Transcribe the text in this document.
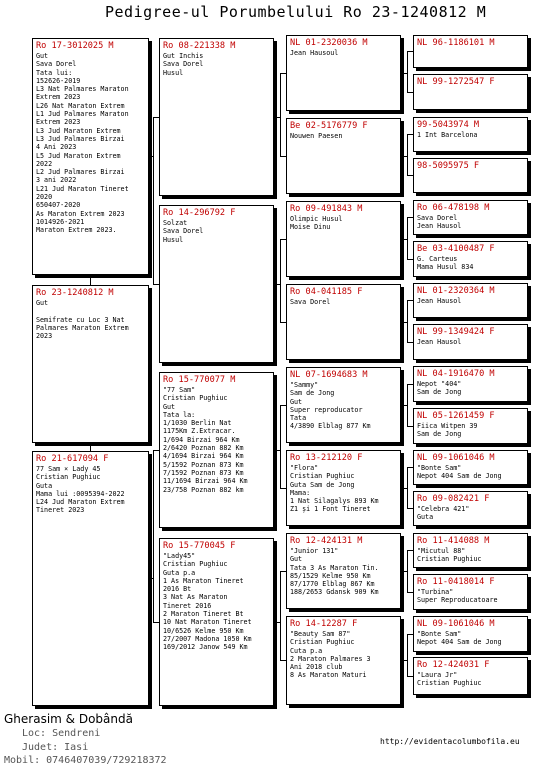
Pedigree-ul Porumbelului Ro 23-1240812 M
Ro 17-3012025 M
Gut
Sava Dorel
Tata lui:
152626-2019
L3 Nat Palmares Maraton
Extrem 2023
L26 Nat Maraton Extrem
L1 Jud Palmares Maraton
Extrem 2023
L3 Jud Maraton Extrem
L3 Jud Palmares Birzai
4 Ani 2023
L5 Jud Maraton Extrem
2022
L2 Jud Palmares Birzai
3 ani 2022
L21 Jud Maraton Tineret
2020
650407-2020
As Maraton Extrem 2023
1014926-2021
Maraton Extrem 2023.
Ro 23-1240812 M
Gut

Semifrate cu Loc 3 Nat
Palmares Maraton Extrem
2023
Ro 21-617094 F
77 Sam × Lady 45
Cristian Pughiuc
Guta
Mama lui :0095394-2022
L24 Jud Maraton Extrem
Tineret 2023
Ro 08-221338 M
Gut Inchis
Sava Dorel
Husul
Ro 14-296792 F
Solzat
Sava Dorel
Husul
Ro 15-770077 M
"77 Sam"
Cristian Pughiuc
Gut
Tata la:
1/1030 Berlin Nat
1175Km Z.Extracar.
1/694 Birzai 964 Km
2/6420 Poznan 882 Km
4/1694 Birzai 964 Km
5/1592 Poznan 873 Km
7/1592 Poznan 873 Km
11/1694 Birzai 964 Km
23/758 Poznan 882 km
Ro 15-770045 F
"Lady45"
Cristian Pughiuc
Guta p.a
1 As Maraton Tineret
2016 Bt
3 Nat As Maraton
Tineret 2016
2 Maraton Tineret Bt
10 Nat Maraton Tineret
10/6526 Kelme 950 Km
27/2007 Madona 1050 Km
169/2012 Janow 549 Km
NL 01-2320036 M
Jean Hausoul
Be 02-5176779 F
Nouwen Paesen
Ro 09-491843 M
Olimpic Husul
Moise Dinu
Ro 04-041185 F
Sava Dorel
NL 07-1694683 M
"Sammy"
Sam de Jong
Gut
Super reproducator
Tata
4/3890 Elblag 877 Km
Ro 13-212120 F
"Flora"
Cristian Pughiuc
Guta Sam de Jong
Mama:
1 Nat Silagalys 893 Km
Z1 și 1 Font Tineret
Ro 12-424131 M
"Junior 131"
Gut
Tata 3 As Maraton Tin.
85/1529 Kelme 950 Km
87/1770 Elblag 867 Km
188/2653 Gdansk 909 Km
Ro 14-12287 F
"Beauty Sam 87"
Cristian Pughiuc
Cuta p.a
2 Maraton Palmares 3
Ani 2018 club
8 As Maraton Maturi
NL 96-1186101 M
NL 99-1272547 F
99-5043974 M
1 Int Barcelona
98-5095975 F
Ro 06-478198 M
Sava Dorel
Jean Hausol
Be 03-4100487 F
G. Carteus
Mama Husul 834
NL 01-2320364 M
Jean Hausol
NL 99-1349424 F
Jean Hausol
NL 04-1916470 M
Nepot "404"
Sam de Jong
NL 05-1261459 F
Fiica Witpen 39
Sam de Jong
NL 09-1061046 M
"Bonte Sam"
Nepot 404 Sam de Jong
Ro 09-082421 F
"Celebra 421"
Guta
Ro 11-414088 M
"Micutul 88"
Cristian Pughiuc
Ro 11-0418014 F
"Turbina"
Super Reproducatoare
NL 09-1061046 M
"Bonte Sam"
Nepot 404 Sam de Jong
Ro 12-424031 F
"Laura Jr"
Cristian Pughiuc
Gherasim & Dobândă
Loc: Sendreni
Judet: Iasi
Mobil: 0746407039/729218372
http://evidentacolumbofila.eu
